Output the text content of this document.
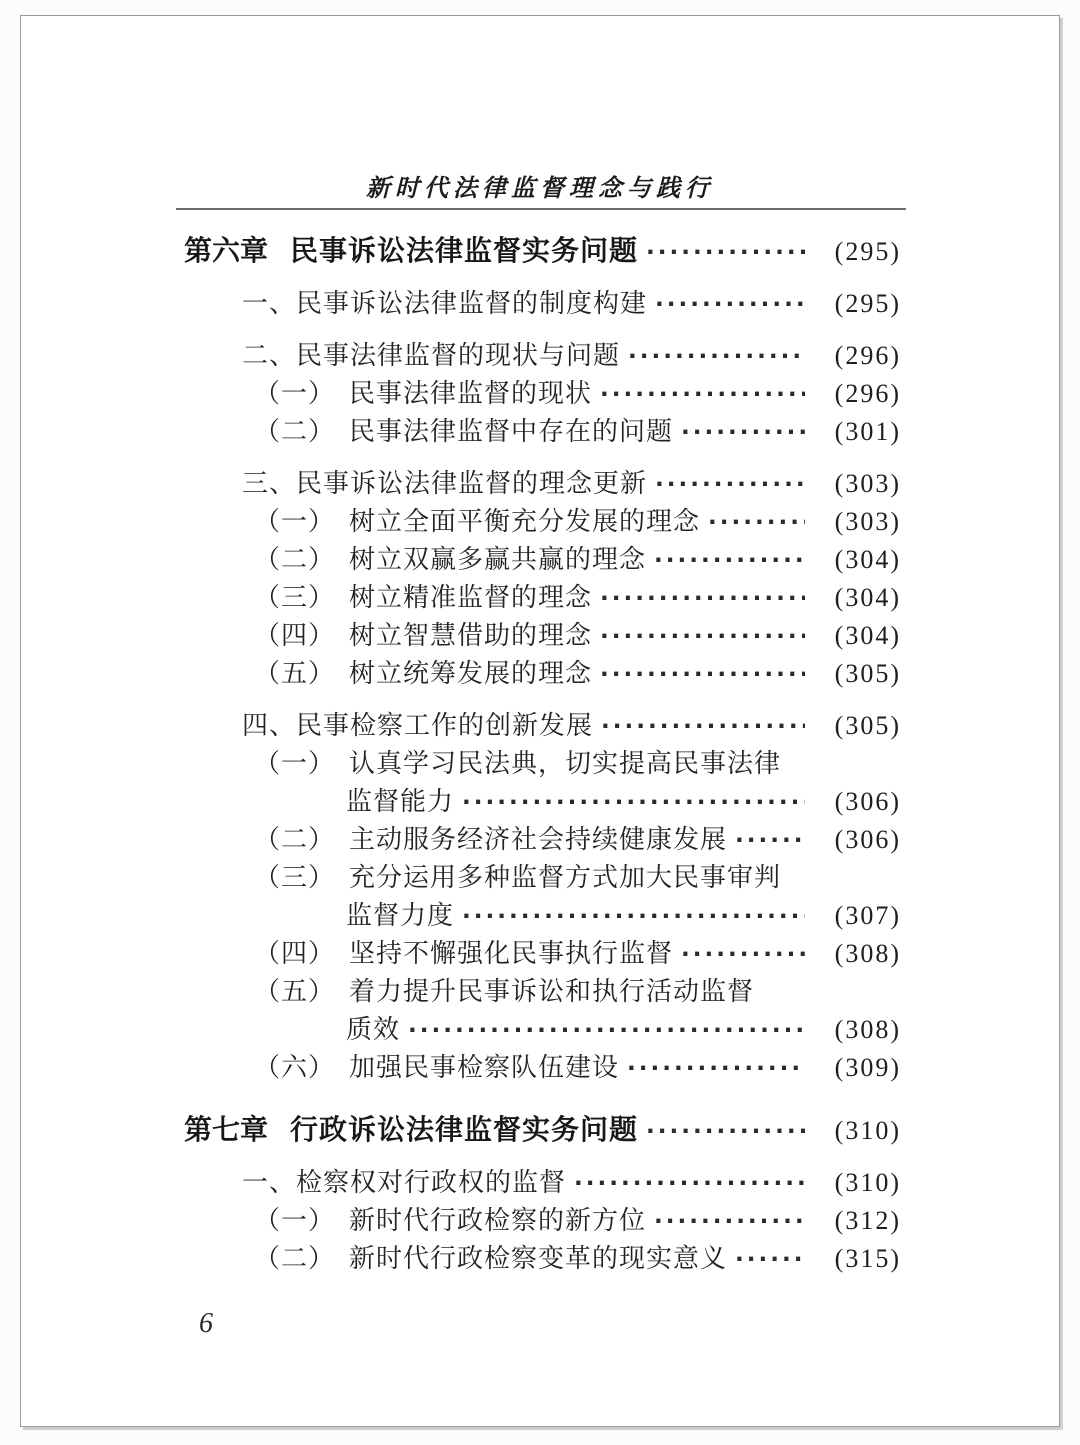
新时代法律监督理念与践行
第六章 民事诉讼法律监督实务问题 ·····	(295)
一、民事诉讼法律监督的制度构建 ·····	(295)
二、民事法律监督的现状与问题 ·····	(296)
（一） 民事法律监督的现状 ·····	(296)
（二） 民事法律监督中存在的问题 ·····	(301)
三、民事诉讼法律监督的理念更新 ·····	(303)
（一） 树立全面平衡充分发展的理念 ·····	(303)
（二） 树立双赢多赢共赢的理念 ·····	(304)
（三） 树立精准监督的理念 ·····	(304)
（四） 树立智慧借助的理念 ·····	(304)
（五） 树立统筹发展的理念 ·····	(305)
四、民事检察工作的创新发展 ·····	(305)
（一） 认真学习民法典，切实提高民事法律
监督能力 ·····	(306)
（二） 主动服务经济社会持续健康发展 ·····	(306)
（三） 充分运用多种监督方式加大民事审判
监督力度 ·····	(307)
（四） 坚持不懈强化民事执行监督 ·····	(308)
（五） 着力提升民事诉讼和执行活动监督
质效 ·····	(308)
（六） 加强民事检察队伍建设 ·····	(309)
第七章 行政诉讼法律监督实务问题 ·····	(310)
一、检察权对行政权的监督 ·····	(310)
（一） 新时代行政检察的新方位 ·····	(312)
（二） 新时代行政检察变革的现实意义 ·····	(315)
6
